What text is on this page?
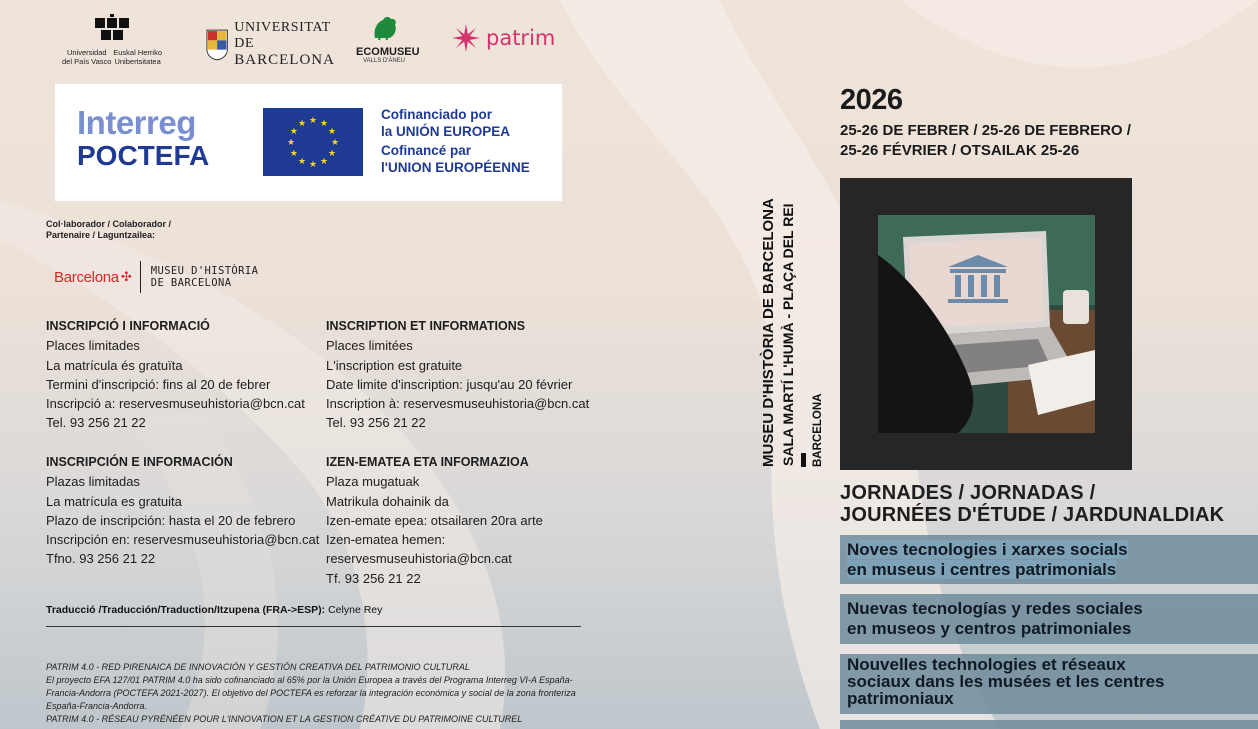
Universidad
del País Vasco
Euskal Herriko
Unibertsitatea
UNIVERSITAT DE
BARCELONA	ECOMUSEU
VALLS D'ÀNEU
patrim
Interreg
POCTEFA	★
★
★
★
★
★
★
★
★ ★ ★
★
Cofinanciado por
la UNIÓN EUROPEA
Cofinancé par
l'UNION EUROPÉENNE
Col·laborador / Colaborador /
Partenaire / Laguntzailea:
Barcelona ✣ MUSEU D'HISTÒRIA
DE BARCELONA
INSCRIPCIÓ I INFORMACIÓ
Places limitades
La matrícula és gratuïta
Termini d'inscripció: fins al 20 de febrer
Inscripció a: reservesmuseuhistoria@bcn.cat
Tel. 93 256 21 22
INSCRIPTION ET INFORMATIONS
Places limitées
L'inscription est gratuite
Date limite d'inscription: jusqu'au 20 février
Inscription à: reservesmuseuhistoria@bcn.cat
Tel. 93 256 21 22
INSCRIPCIÓN E INFORMACIÓN
Plazas limitadas
La matrícula es gratuita
Plazo de inscripción: hasta el 20 de febrero
Inscripción en: reservesmuseuhistoria@bcn.cat
Tfno. 93 256 21 22
IZEN-EMATEA ETA INFORMAZIOA
Plaza mugatuak
Matrikula dohainik da
Izen-emate epea: otsailaren 20ra arte
Izen-ematea hemen:
reservesmuseuhistoria@bcn.cat
Tf. 93 256 21 22
Traducció /Traducción/Traduction/Itzupena (FRA->ESP): Celyne Rey
PATRIM 4.0 - RED PIRENAICA DE INNOVACIÓN Y GESTIÓN CREATIVA DEL PATRIMONIO CULTURAL
El proyecto EFA 127/01 PATRIM 4.0 ha sido cofinanciado al 65% por la Unión Europea a través del Programa Interreg VI-A España-Francia-Andorra (POCTEFA 2021-2027). El objetivo del POCTEFA es reforzar la integración económica y social de la zona fronteriza España-Francia-Andorra.
PATRIM 4.0 - RÉSEAU PYRÉNÉEN POUR L'INNOVATION ET LA GESTION CRÉATIVE DU PATRIMOINE CULTUREL
MUSEU D'HISTÒRIA DE BARCELONA SALA MARTÍ L'HUMÀ - PLAÇA DEL REI BARCELONA
2026
25-26 DE FEBRER / 25-26 DE FEBRERO /
25-26 FÉVRIER / OTSAILAK 25-26
JORNADES / JORNADAS /
JOURNÉES D'ÉTUDE / JARDUNALDIAK
Noves tecnologies i xarxes socials
en museus i centres patrimonials
Nuevas tecnologías y redes sociales
en museos y centros patrimoniales
Nouvelles technologies et réseaux
sociaux dans les musées et les centres
patrimoniaux
